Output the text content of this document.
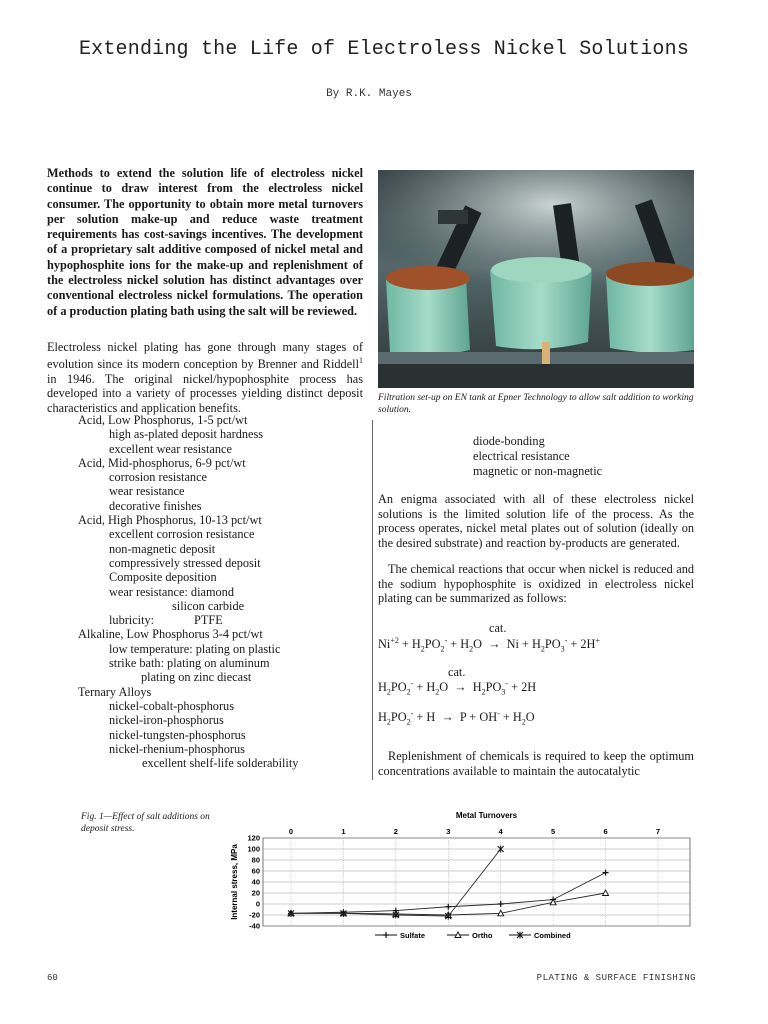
Extending the Life of Electroless Nickel Solutions
By R.K. Mayes
Methods to extend the solution life of electroless nickel continue to draw interest from the electroless nickel consumer. The opportunity to obtain more metal turnovers per solution make-up and reduce waste treatment requirements has cost-savings incentives. The development of a proprietary salt additive composed of nickel metal and hypophosphite ions for the make-up and replenishment of the electroless nickel solution has distinct advantages over conventional electroless nickel formulations. The operation of a production plating bath using the salt will be reviewed.
Electroless nickel plating has gone through many stages of evolution since its modern conception by Brenner and Riddell$^1$ in 1946. The original nickel/hypophosphite process has developed into a variety of processes yielding distinct deposit characteristics and application benefits.
Acid, Low Phosphorus, 1-5 pct/wt
high as-plated deposit hardness
excellent wear resistance
Acid, Mid-phosphorus, 6-9 pct/wt
corrosion resistance
wear resistance
decorative finishes
Acid, High Phosphorus, 10-13 pct/wt
excellent corrosion resistance
non-magnetic deposit
compressively stressed deposit
Composite deposition
wear resistance: diamond
silicon carbide
lubricity:             PTFE
Alkaline, Low Phosphorus 3-4 pct/wt
low temperature: plating on plastic
strike bath: plating on aluminum
plating on zinc diecast
Ternary Alloys
nickel-cobalt-phosphorus
nickel-iron-phosphorus
nickel-tungsten-phosphorus
nickel-rhenium-phosphorus
excellent shelf-life solderability
Filtration set-up on EN tank at Epner Technology to allow salt addition to working solution.
diode-bonding
electrical resistance
magnetic or non-magnetic
An enigma associated with all of these electroless nickel solutions is the limited solution life of the process. As the process operates, nickel metal plates out of solution (ideally on the desired substrate) and reaction by-products are generated.
The chemical reactions that occur when nickel is reduced and the sodium hypophosphite is oxidized in electroless nickel plating can be summarized as follows:
cat.
$Ni^{+2} + H_2PO_2^- + H_2O \to Ni + H_2PO_3^- + 2H^+$
cat.
$H_2PO_2^- + H_2O \to H_2PO_3^- + 2H$
$H_2PO_2^- + H \to P + OH^- + H_2O$
Replenishment of chemicals is required to keep the optimum concentrations available to maintain the autocatalytic
Fig. 1—Effect of salt additions on deposit stress.
Metal Turnovers
Internal stress, MPa
0	1	2	3	4	5	6	7
120
100
80
60
40
20
0
-20
-40
Sulfate	Ortho	Combined
60	PLATING & SURFACE FINISHING
